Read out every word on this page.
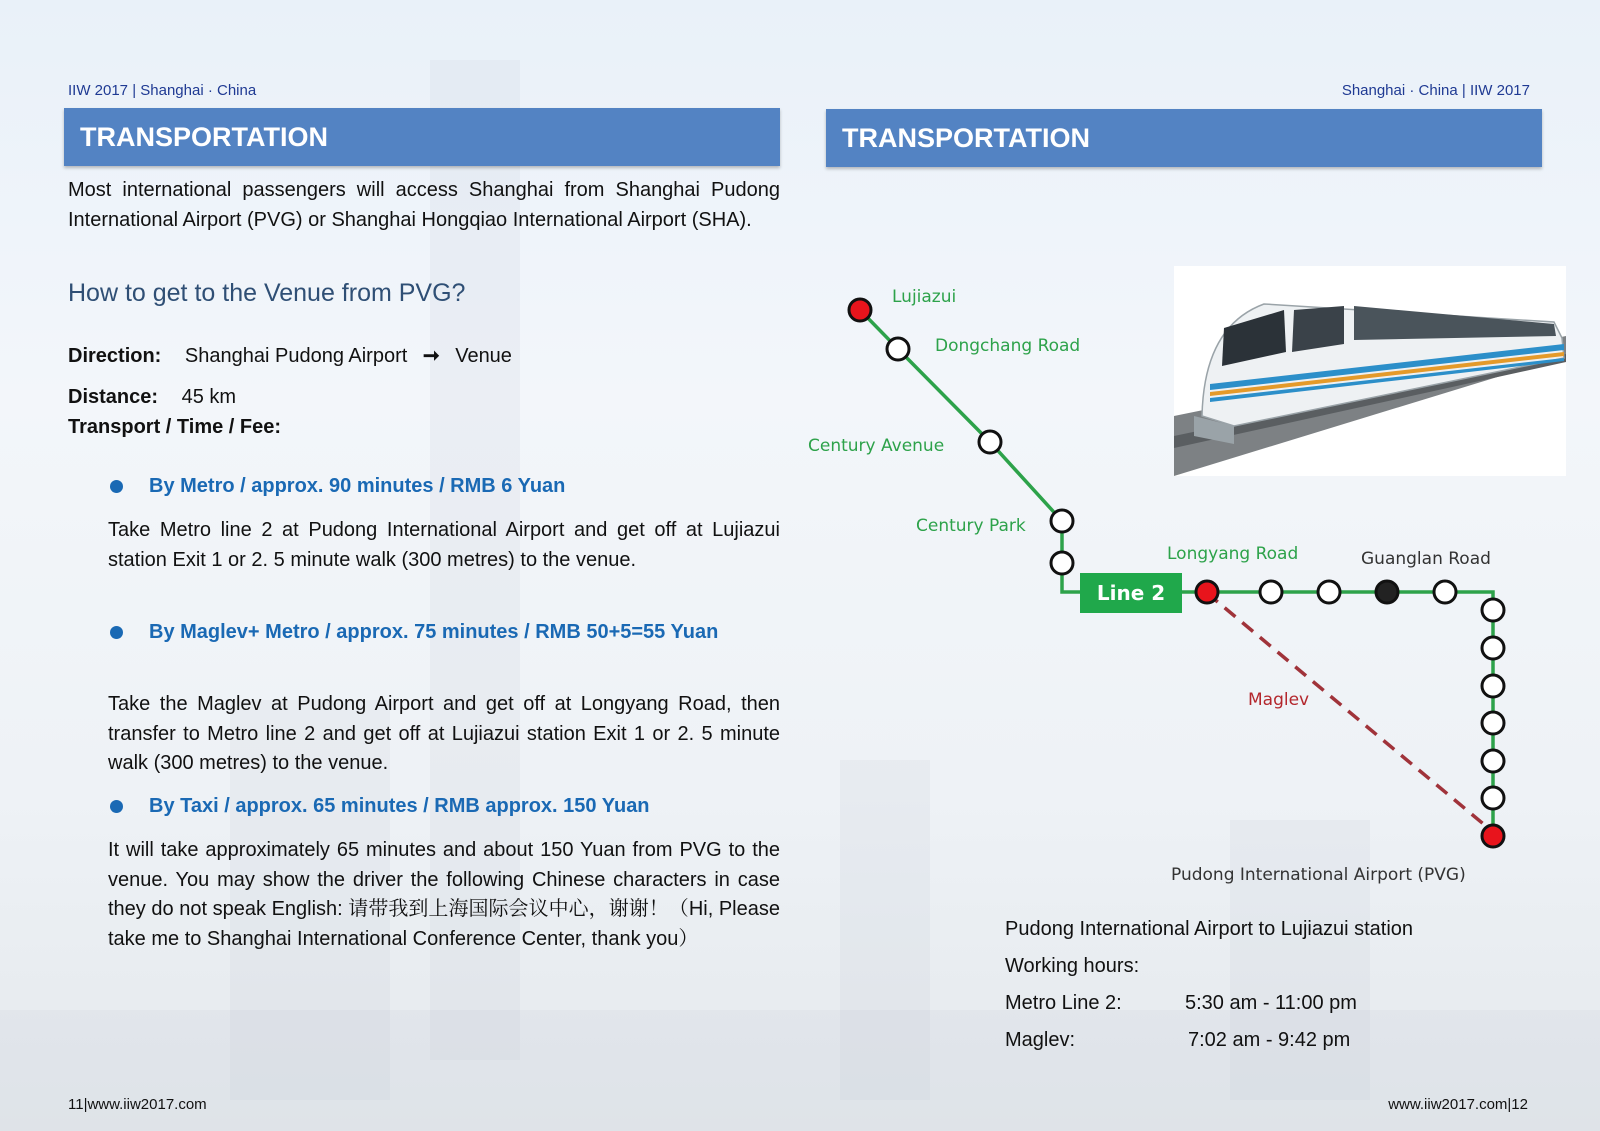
IIW 2017 | Shanghai · China
TRANSPORTATION
Most international passengers will access Shanghai from Shanghai Pudong International Airport (PVG) or Shanghai Hongqiao International Airport (SHA).
How to get to the Venue from PVG?
Direction: Shanghai Pudong Airport ➞ Venue
Distance: 45 km
Transport / Time / Fee:
By Metro / approx. 90 minutes / RMB 6 Yuan
Take Metro line 2 at Pudong International Airport and get off at Lujiazui station Exit 1 or 2. 5 minute walk (300 metres) to the venue.
By Maglev+ Metro / approx. 75 minutes / RMB 50+5=55 Yuan
Take the Maglev at Pudong Airport and get off at Longyang Road, then transfer to Metro line 2 and get off at Lujiazui station Exit 1 or 2. 5 minute walk (300 metres) to the venue.
By Taxi / approx. 65 minutes / RMB approx. 150 Yuan
It will take approximately 65 minutes and about 150 Yuan from PVG to the venue. You may show the driver the following Chinese characters in case they do not speak English: 请带我到上海国际会议中心，谢谢！（Hi, Please take me to Shanghai International Conference Center, thank you）
11|www.iiw2017.com
Shanghai · China | IIW 2017
TRANSPORTATION
Line 2
Lujiazui
Dongchang Road
Century Avenue
Century Park
Longyang Road	Guanglan Road
Maglev
Pudong International Airport (PVG)
Pudong International Airport to Lujiazui station
Working hours:
Metro Line 2:	5:30 am - 11:00 pm
Maglev:	7:02 am - 9:42 pm
www.iiw2017.com|12
